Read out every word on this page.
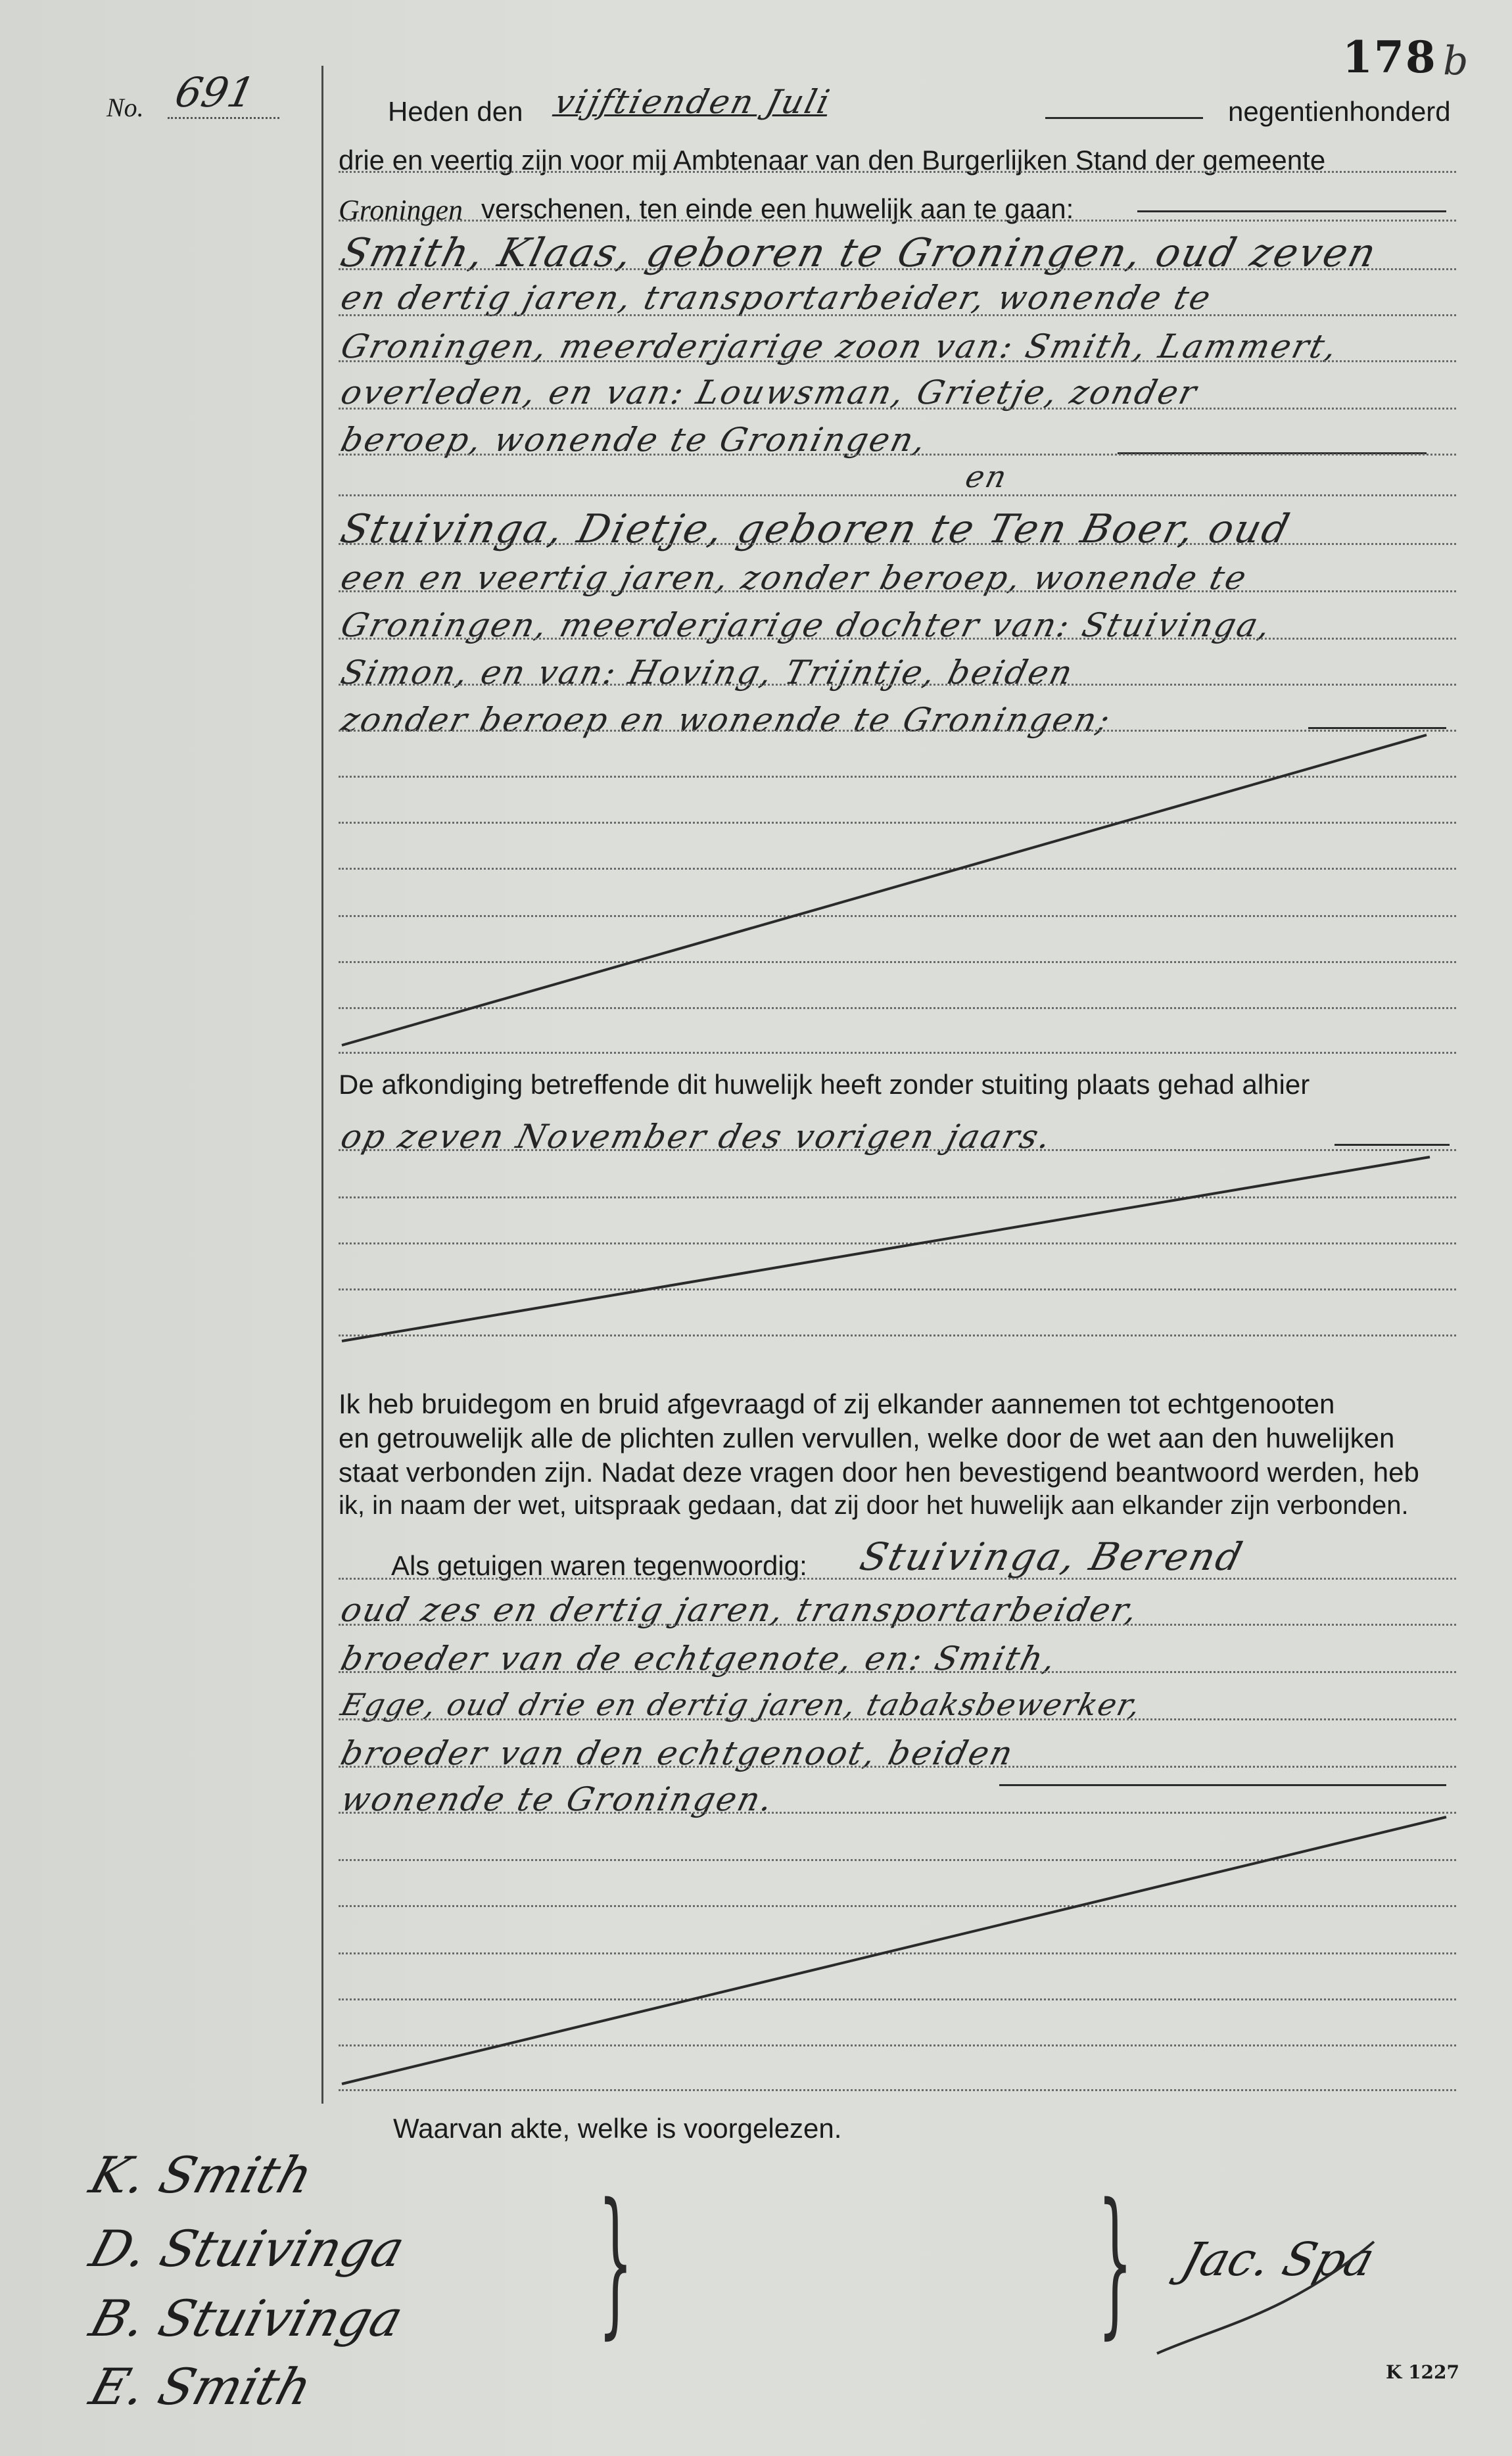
178 b
No. 691	Heden den vijftienden Juli	negentienhonderd
drie en veertig zijn voor mij Ambtenaar van den Burgerlijken Stand der gemeente
Groningen verschenen, ten einde een huwelijk aan te gaan:
Smith, Klaas, geboren te Groningen, oud zeven
en dertig jaren, transportarbeider, wonende te
Groningen, meerderjarige zoon van: Smith, Lammert,
overleden, en van: Louwsman, Grietje, zonder
beroep, wonende te Groningen,
en
Stuivinga, Dietje, geboren te Ten Boer, oud
een en veertig jaren, zonder beroep, wonende te
Groningen, meerderjarige dochter van: Stuivinga,
Simon, en van: Hoving, Trijntje, beiden
zonder beroep en wonende te Groningen;
De afkondiging betreffende dit huwelijk heeft zonder stuiting plaats gehad alhier
op zeven November des vorigen jaars.
Ik heb bruidegom en bruid afgevraagd of zij elkander aannemen tot echtgenooten
en getrouwelijk alle de plichten zullen vervullen, welke door de wet aan den huwelijken
staat verbonden zijn. Nadat deze vragen door hen bevestigend beantwoord werden, heb
ik, in naam der wet, uitspraak gedaan, dat zij door het huwelijk aan elkander zijn verbonden.
Als getuigen waren tegenwoordig: Stuivinga, Berend
oud zes en dertig jaren, transportarbeider,
broeder van de echtgenote, en: Smith,
Egge, oud drie en dertig jaren, tabaksbewerker,
broeder van den echtgenoot, beiden
wonende te Groningen.
Waarvan akte, welke is voorgelezen.
K. Smith
D. Stuivinga
B. Stuivinga
E. Smith
}	} Jac. Spa
K 1227
